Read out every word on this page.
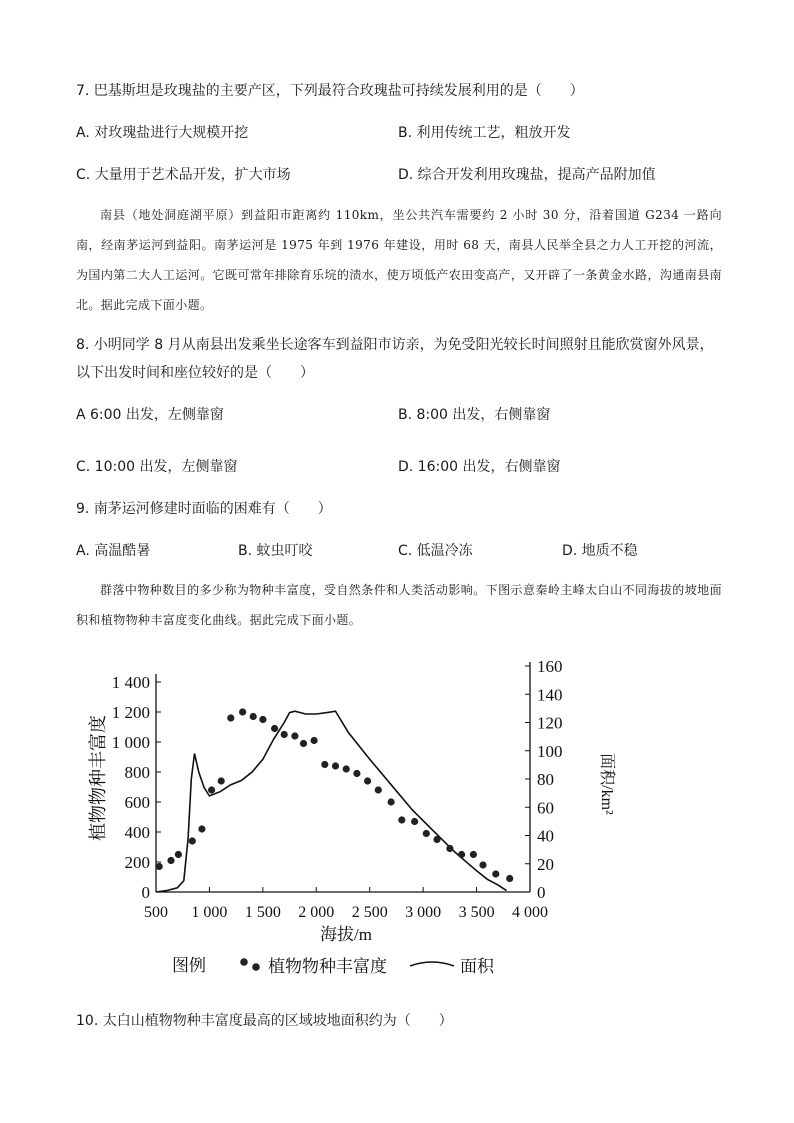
7. 巴基斯坦是玫瑰盐的主要产区，下列最符合玫瑰盐可持续发展利用的是（　　）
A. 对玫瑰盐进行大规模开挖	B. 利用传统工艺，粗放开发
C. 大量用于艺术品开发，扩大市场	D. 综合开发利用玫瑰盐，提高产品附加值

南县（地处洞庭湖平原）到益阳市距离约 110km，坐公共汽车需要约 2 小时 30 分，沿着国道 G234 一路向南，经南茅运河到益阳。南茅运河是 1975 年到 1976 年建设，用时 68 天，南县人民举全县之力人工开挖的河流，为国内第二大人工运河。它既可常年排除育乐垸的渍水，使万顷低产农田变高产，又开辟了一条黄金水路，沟通南县南北。据此完成下面小题。

8. 小明同学 8 月从南县出发乘坐长途客车到益阳市访亲，为免受阳光较长时间照射且能欣赏窗外风景，以下出发时间和座位较好的是（　　）
A 6:00 出发，左侧靠窗	B. 8:00 出发，右侧靠窗
C. 10:00 出发，左侧靠窗	D. 16:00 出发，右侧靠窗
9. 南茅运河修建时面临的困难有（　　）
A. 高温酷暑	B. 蚊虫叮咬	C. 低温冷冻	D. 地质不稳

群落中物种数目的多少称为物种丰富度，受自然条件和人类活动影响。下图示意秦岭主峰太白山不同海拔的坡地面积和植物物种丰富度变化曲线。据此完成下面小题。

0
200
400
600
800
1 000
1 200
1 400
0
20
40
60
80
100
120
140
160
500 1 000 1 500 2 000 2 500 3 000 3 500 4 000
植物物种丰富度	面积/km²
海拔/m
图例	植物物种丰富度	面积
10. 太白山植物物种丰富度最高的区域坡地面积约为（　　）
